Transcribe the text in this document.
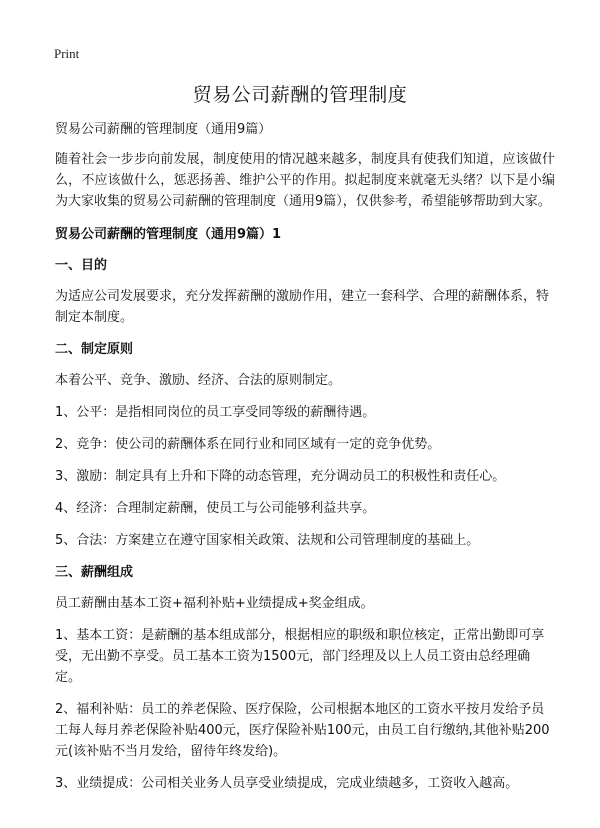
Print
贸易公司薪酬的管理制度

贸易公司薪酬的管理制度（通用9篇）

随着社会一步步向前发展，制度使用的情况越来越多，制度具有使我们知道，应该做什么，不应该做什么，惩恶扬善、维护公平的作用。拟起制度来就毫无头绪？以下是小编为大家收集的贸易公司薪酬的管理制度（通用9篇），仅供参考，希望能够帮助到大家。

贸易公司薪酬的管理制度（通用9篇）1

一、目的

为适应公司发展要求，充分发挥薪酬的激励作用，建立一套科学、合理的薪酬体系，特制定本制度。

二、制定原则

本着公平、竞争、激励、经济、合法的原则制定。

1、公平：是指相同岗位的员工享受同等级的薪酬待遇。

2、竞争：使公司的薪酬体系在同行业和同区域有一定的竞争优势。

3、激励：制定具有上升和下降的动态管理，充分调动员工的积极性和责任心。

4、经济：合理制定薪酬，使员工与公司能够利益共享。

5、合法：方案建立在遵守国家相关政策、法规和公司管理制度的基础上。

三、薪酬组成

员工薪酬由基本工资+福利补贴+业绩提成+奖金组成。

1、基本工资：是薪酬的基本组成部分，根据相应的职级和职位核定，正常出勤即可享受，无出勤不享受。员工基本工资为1500元，部门经理及以上人员工资由总经理确定。

2、福利补贴：员工的养老保险、医疗保险，公司根据本地区的工资水平按月发给予员工每人每月养老保险补贴400元，医疗保险补贴100元，由员工自行缴纳,其他补贴200元(该补贴不当月发给，留待年终发给)。

3、业绩提成：公司相关业务人员享受业绩提成，完成业绩越多，工资收入越高。
